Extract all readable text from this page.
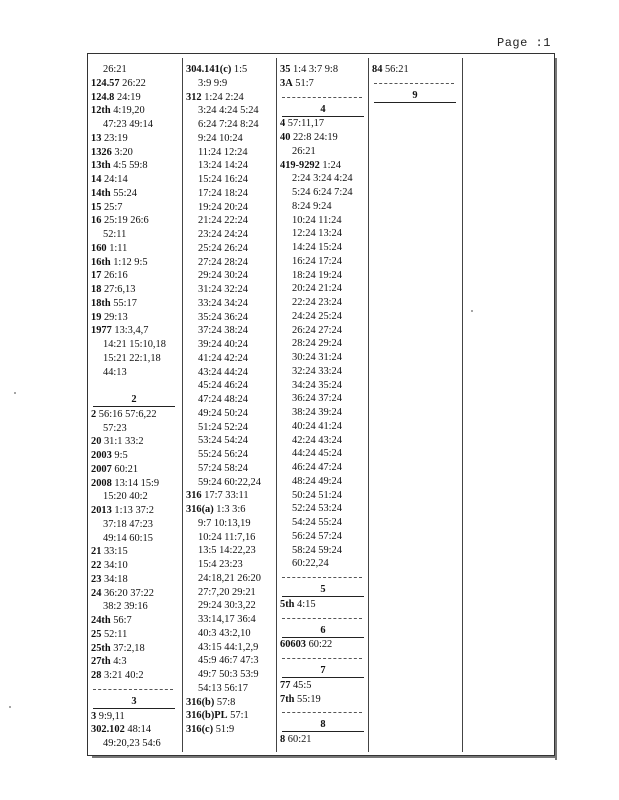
Page :1
26:21
124.57 26:22
124.8 24:19
12th 4:19,20
47:23 49:14
13 23:19
1326 3:20
13th 4:5 59:8
14 24:14
14th 55:24
15 25:7
16 25:19 26:6
52:11
160 1:11
16th 1:12 9:5
17 26:16
18 27:6,13
18th 55:17
19 29:13
1977 13:3,4,7
14:21 15:10,18
15:21 22:1,18
44:13
2
2 56:16 57:6,22
57:23
20 31:1 33:2
2003 9:5
2007 60:21
2008 13:14 15:9
15:20 40:2
2013 1:13 37:2
37:18 47:23
49:14 60:15
21 33:15
22 34:10
23 34:18
24 36:20 37:22
38:2 39:16
24th 56:7
25 52:11
25th 37:2,18
27th 4:3
28 3:21 40:2
3
3 9:9,11
302.102 48:14
49:20,23 54:6
304.141(c) 1:5
3:9 9:9
312 1:24 2:24
3:24 4:24 5:24
6:24 7:24 8:24
9:24 10:24
11:24 12:24
13:24 14:24
15:24 16:24
17:24 18:24
19:24 20:24
21:24 22:24
23:24 24:24
25:24 26:24
27:24 28:24
29:24 30:24
31:24 32:24
33:24 34:24
35:24 36:24
37:24 38:24
39:24 40:24
41:24 42:24
43:24 44:24
45:24 46:24
47:24 48:24
49:24 50:24
51:24 52:24
53:24 54:24
55:24 56:24
57:24 58:24
59:24 60:22,24
316 17:7 33:11
316(a) 1:3 3:6
9:7 10:13,19
10:24 11:7,16
13:5 14:22,23
15:4 23:23
24:18,21 26:20
27:7,20 29:21
29:24 30:3,22
33:14,17 36:4
40:3 43:2,10
43:15 44:1,2,9
45:9 46:7 47:3
49:7 50:3 53:9
54:13 56:17
316(b) 57:8
316(b)PL 57:1
316(c) 51:9
35 1:4 3:7 9:8
3A 51:7
4
4 57:11,17
40 22:8 24:19
26:21
419-9292 1:24
2:24 3:24 4:24
5:24 6:24 7:24
8:24 9:24
10:24 11:24
12:24 13:24
14:24 15:24
16:24 17:24
18:24 19:24
20:24 21:24
22:24 23:24
24:24 25:24
26:24 27:24
28:24 29:24
30:24 31:24
32:24 33:24
34:24 35:24
36:24 37:24
38:24 39:24
40:24 41:24
42:24 43:24
44:24 45:24
46:24 47:24
48:24 49:24
50:24 51:24
52:24 53:24
54:24 55:24
56:24 57:24
58:24 59:24
60:22,24
5
5th 4:15
6
60603 60:22
7
77 45:5
7th 55:19
8
8 60:21
84 56:21
9
